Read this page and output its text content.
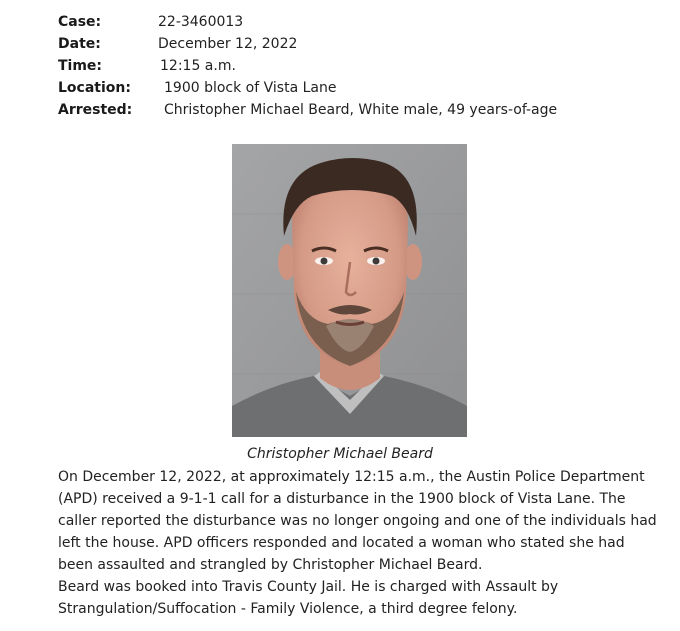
Case:	22-3460013
Date:	December 12, 2022
Time:	12:15 a.m.
Location: 1900 block of Vista Lane
Arrested: Christopher Michael Beard, White male, 49 years-of-age
Christopher Michael Beard

On December 12, 2022, at approximately 12:15 a.m., the Austin Police Department (APD) received a 9-1-1 call for a disturbance in the 1900 block of Vista Lane. The caller reported the disturbance was no longer ongoing and one of the individuals had left the house. APD officers responded and located a woman who stated she had been assaulted and strangled by Christopher Michael Beard.

Beard was booked into Travis County Jail. He is charged with Assault by Strangulation/Suffocation - Family Violence, a third degree felony.
